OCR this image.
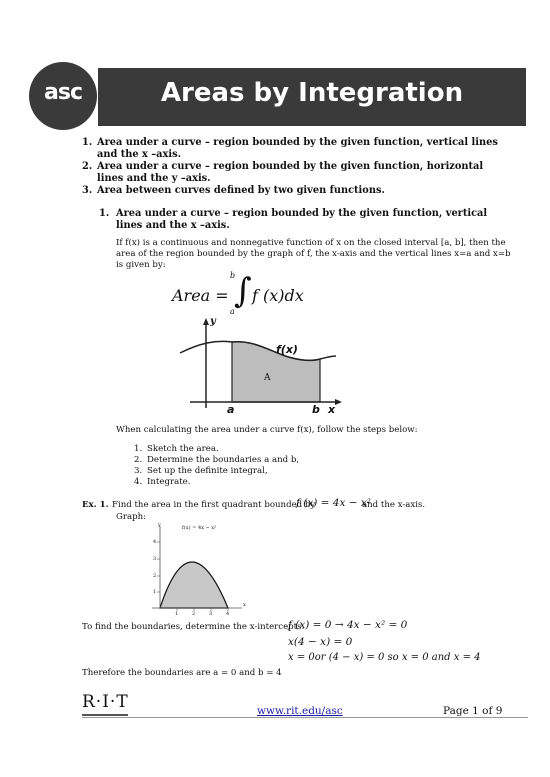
Areas by Integration
asc
1. Area under a curve – region bounded by the given function, vertical lines
and the x –axis.
2. Area under a curve – region bounded by the given function, horizontal
lines and the y –axis.
3. Area between curves defined by two given functions.
1. Area under a curve – region bounded by the given function, vertical
lines and the x –axis.
If f(x) is a continuous and nonnegative function of x on the closed interval [a, b], then the
area of the region bounded by the graph of f, the x-axis and the vertical lines x=a and x=b
is given by:
Area = ∫
b
a
f (x)dx
y
f(x)
A
a	b x
When calculating the area under a curve f(x), follow the steps below:
1. Sketch the area.
2. Determine the boundaries a and b,
3. Set up the definite integral,
4. Integrate.
Ex. 1. Find the area in the first quadrant bounded by
f (x) = 4x − x²
and the x-axis.
Graph:
f(x) = 4x − x²
y
x
1
2
3
4
1	2	3	4
To find the boundaries, determine the x-intercepts:
f (x) = 0 → 4x − x² = 0
x(4 − x) = 0
x = 0or (4 − x) = 0 so x = 0 and x = 4
Therefore the boundaries are a = 0 and b = 4
R·I·T	www.rit.edu/asc	Page 1 of 9
